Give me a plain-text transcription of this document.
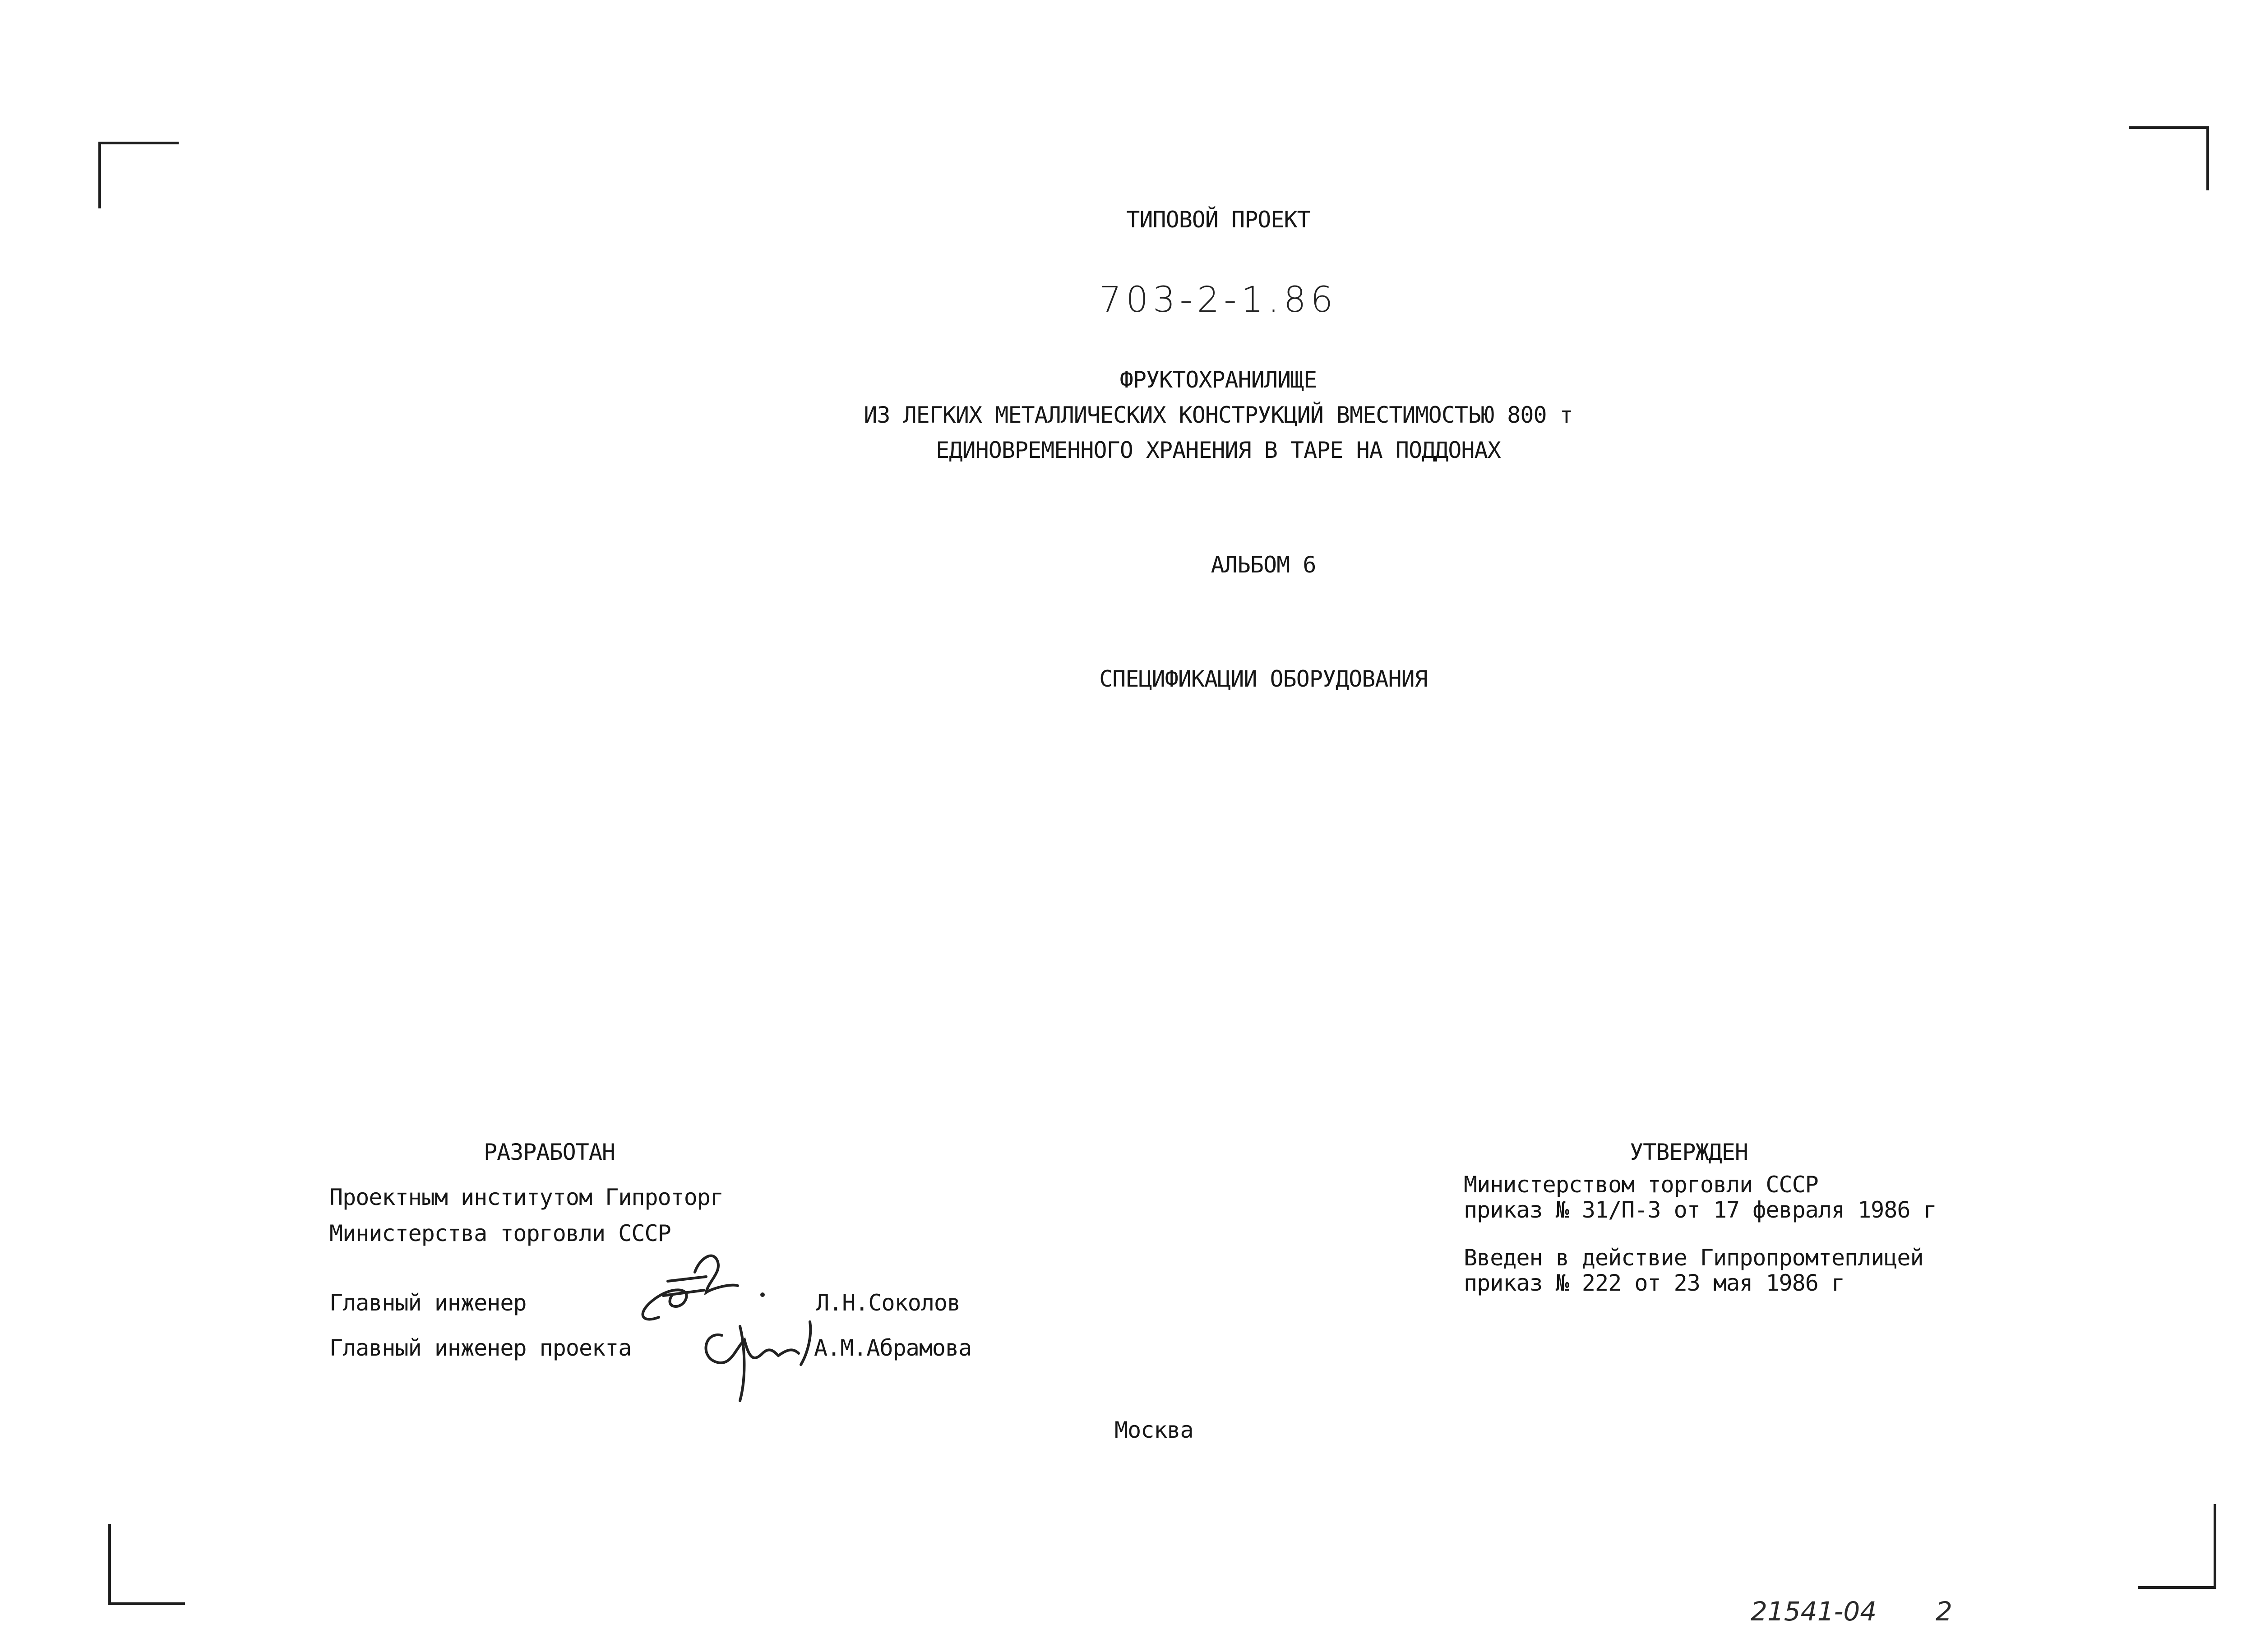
ТИПОВОЙ ПРОЕКТ
703-2-1.86
ФРУКТОХРАНИЛИЩЕ
ИЗ ЛЕГКИХ МЕТАЛЛИЧЕСКИХ КОНСТРУКЦИЙ ВМЕСТИМОСТЬЮ 800 т
ЕДИНОВРЕМЕННОГО ХРАНЕНИЯ В ТАРЕ НА ПОДДОНАХ
АЛЬБОМ 6
СПЕЦИФИКАЦИИ ОБОРУДОВАНИЯ
РАЗРАБОТАН
Проектным институтом Гипроторг
Министерства торговли СССР
Главный инженер	Л.Н.Соколов
Главный инженер проекта	А.М.Абрамова
УТВЕРЖДЕН
Министерством торговли СССР
приказ № 31/П-3 от 17 февраля 1986 г
Введен в действие Гипропромтеплицей
приказ № 222 от 23 мая 1986 г
Москва
21541-04 2
